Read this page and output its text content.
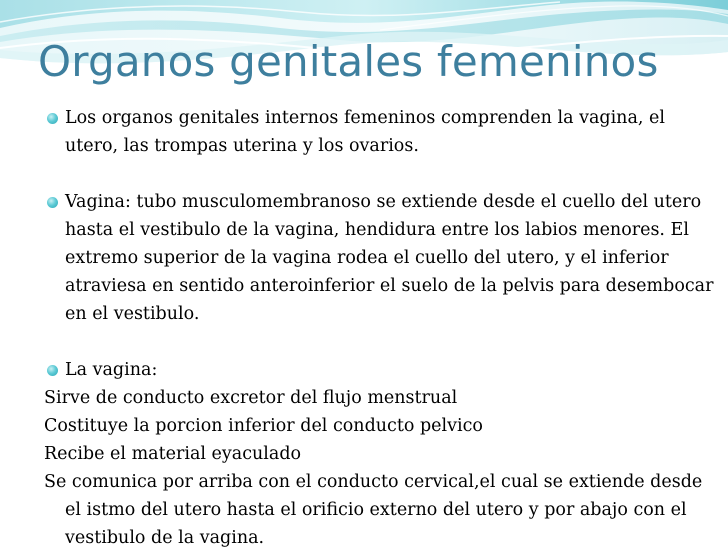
Organos genitales femeninos
Los organos genitales internos femeninos comprenden la vagina, el utero, las trompas uterina y los ovarios.
Vagina: tubo musculomembranoso se extiende desde el cuello del utero hasta el vestibulo de la vagina, hendidura entre los labios menores. El extremo superior de la vagina rodea el cuello del utero, y el inferior atraviesa en sentido anteroinferior el suelo de la pelvis para desembocar en el vestibulo.
La vagina:
Sirve de conducto excretor del flujo menstrual
Costituye la porcion inferior del conducto pelvico
Recibe el material eyaculado
Se comunica por arriba con el conducto cervical,el cual se extiende desde el istmo del utero hasta el orificio externo del utero y por abajo con el vestibulo de la vagina.
